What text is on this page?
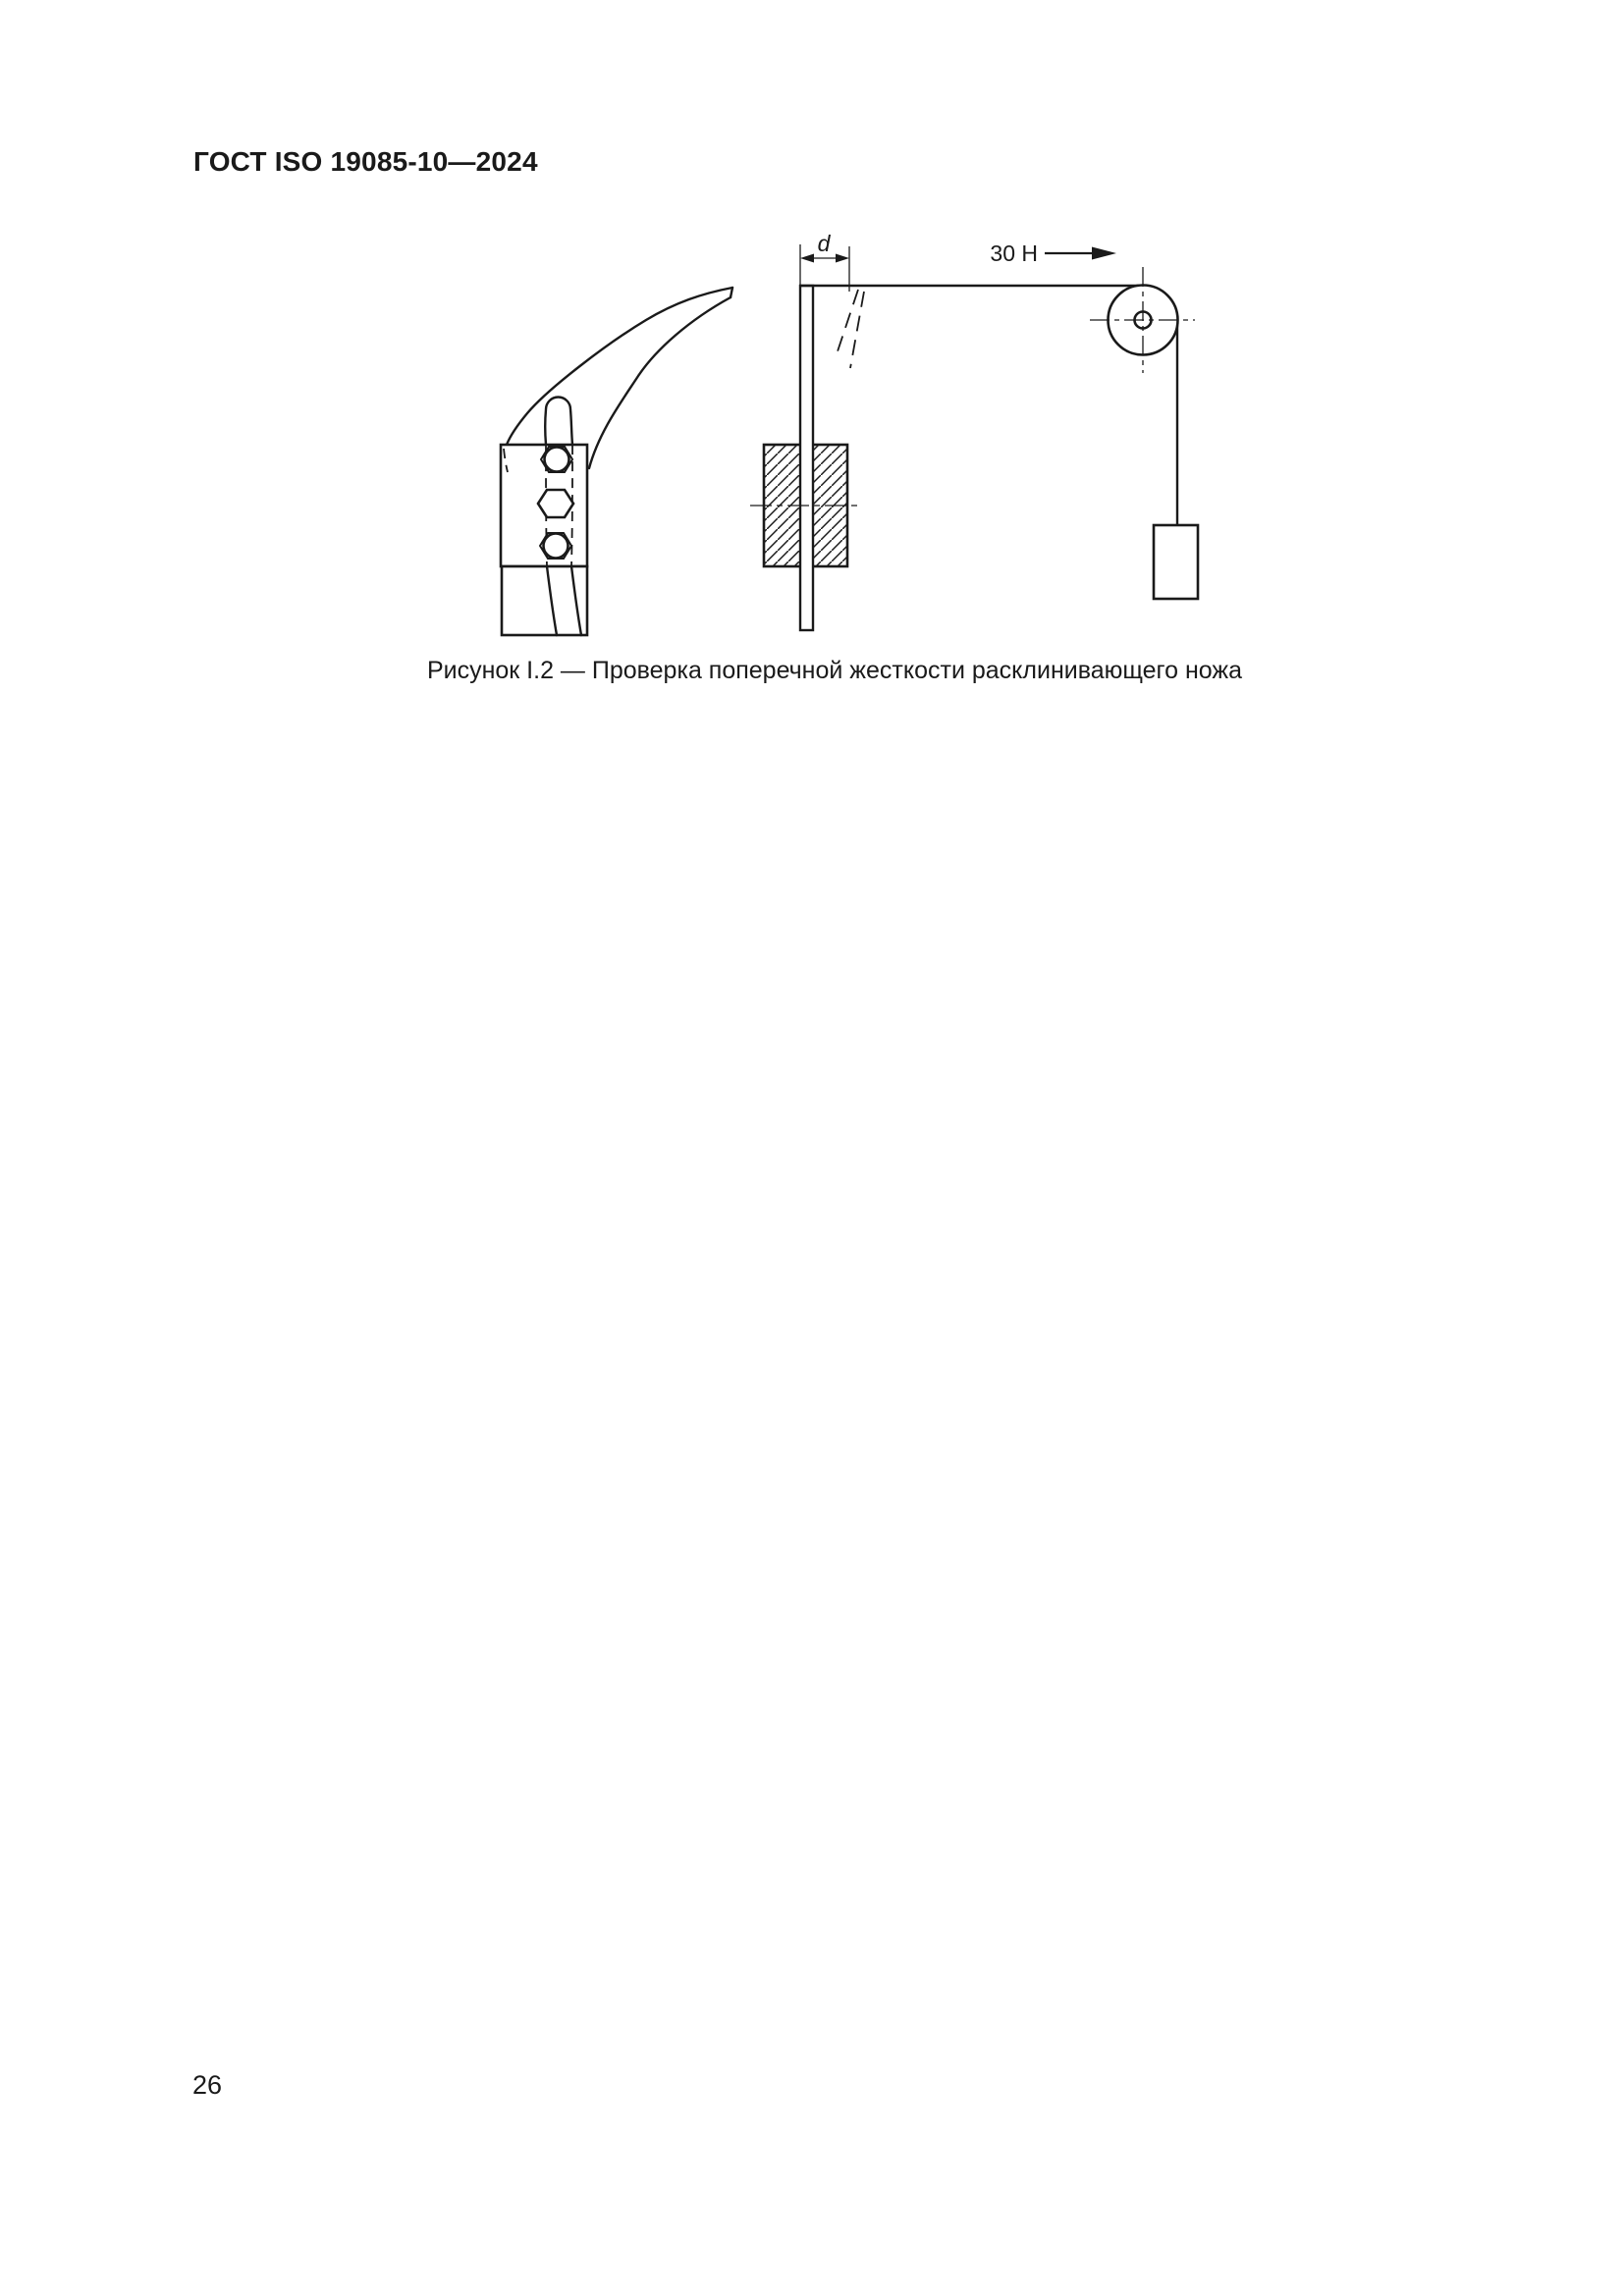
ГОСТ ISO 19085-10—2024
d	30 Н
Рисунок I.2 — Проверка поперечной жесткости расклинивающего ножа
26
